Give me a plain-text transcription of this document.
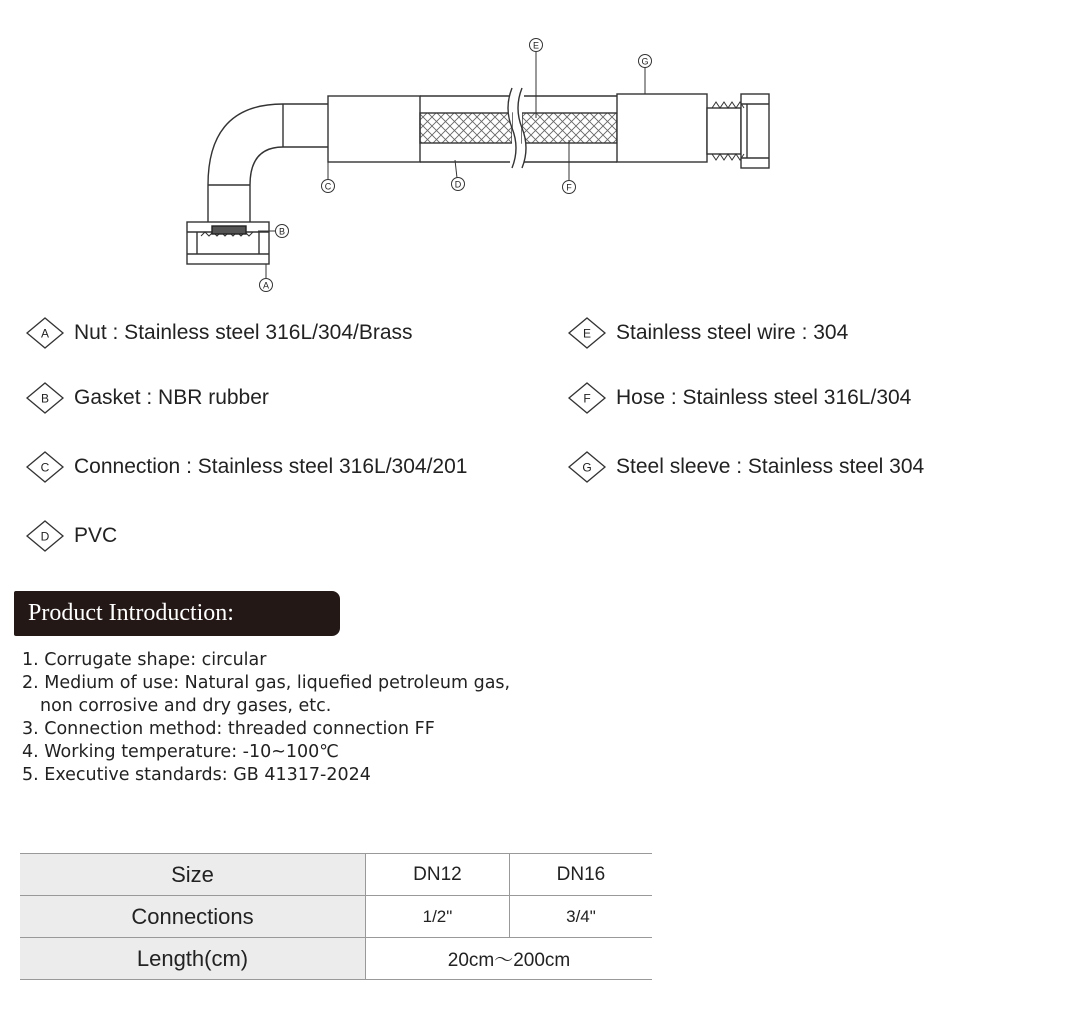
E
G
C	D	F
B
A
A Nut : Stainless steel 316L/304/Brass
B Gasket : NBR rubber
C Connection : Stainless steel 316L/304/201
D PVC
E Stainless steel wire : 304
F Hose : Stainless steel 316L/304
G Steel sleeve : Stainless steel 304
Product Introduction:
1. Corrugate shape: circular
2. Medium of use: Natural gas, liquefied petroleum gas,
non corrosive and dry gases, etc.
3. Connection method: threaded connection FF
4. Working temperature: -10~100℃
5. Executive standards: GB 41317-2024
Size	DN12	DN16
Connections	1/2"	3/4"
Length(cm)	20cm～200cm	
